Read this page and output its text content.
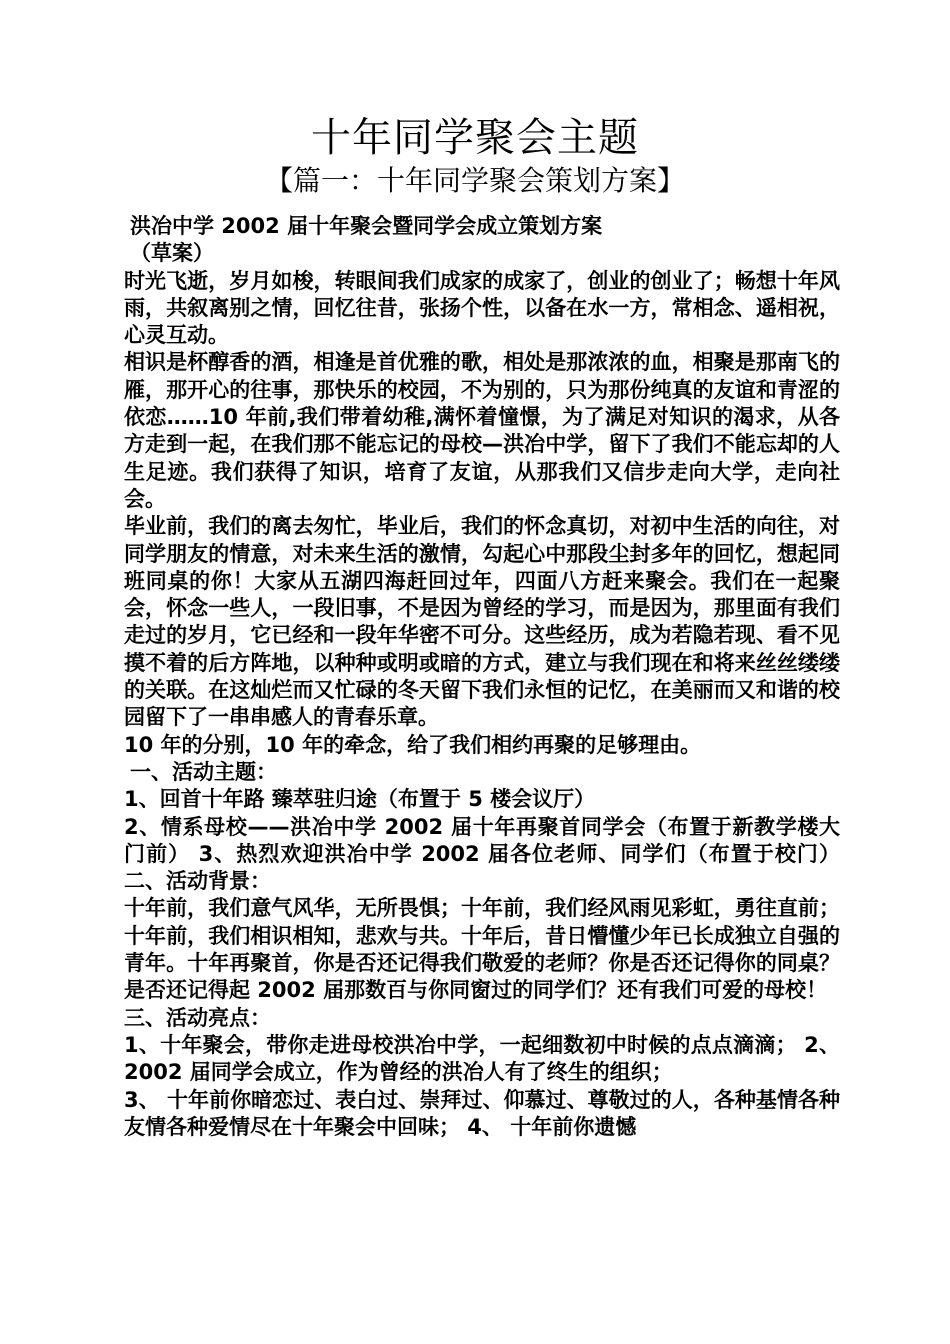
十年同学聚会主题
【篇一：十年同学聚会策划方案】

洪冶中学 2002 届十年聚会暨同学会成立策划方案

（草案）

时光飞逝，岁月如梭，转眼间我们成家的成家了，创业的创业了；畅想十年风雨，共叙离别之情，回忆往昔，张扬个性，以备在水一方，常相念、遥相祝，心灵互动。

相识是杯醇香的酒，相逢是首优雅的歌，相处是那浓浓的血，相聚是那南飞的雁，那开心的往事，那快乐的校园，不为别的，只为那份纯真的友谊和青涩的依恋……10 年前,我们带着幼稚,满怀着憧憬，为了满足对知识的渴求，从各方走到一起，在我们那不能忘记的母校—洪冶中学，留下了我们不能忘却的人生足迹。我们获得了知识，培育了友谊，从那我们又信步走向大学，走向社会。

毕业前，我们的离去匆忙，毕业后，我们的怀念真切，对初中生活的向往，对同学朋友的情意，对未来生活的激情，勾起心中那段尘封多年的回忆，想起同班同桌的你！大家从五湖四海赶回过年，四面八方赶来聚会。我们在一起聚会，怀念一些人，一段旧事，不是因为曾经的学习，而是因为，那里面有我们走过的岁月，它已经和一段年华密不可分。这些经历，成为若隐若现、看不见摸不着的后方阵地，以种种或明或暗的方式，建立与我们现在和将来丝丝缕缕的关联。在这灿烂而又忙碌的冬天留下我们永恒的记忆，在美丽而又和谐的校园留下了一串串感人的青春乐章。

10 年的分别，10 年的牵念，给了我们相约再聚的足够理由。

一、活动主题：

1、回首十年路 臻萃驻归途（布置于 5 楼会议厅）

2、情系母校——洪冶中学 2002 届十年再聚首同学会（布置于新教学楼大门前） 3、热烈欢迎洪冶中学 2002 届各位老师、同学们（布置于校门） 二、活动背景：

十年前，我们意气风华，无所畏惧；十年前，我们经风雨见彩虹，勇往直前；十年前，我们相识相知，悲欢与共。十年后，昔日懵懂少年已长成独立自强的青年。十年再聚首，你是否还记得我们敬爱的老师？你是否还记得你的同桌？是否还记得起 2002 届那数百与你同窗过的同学们？还有我们可爱的母校！

三、活动亮点：

1、十年聚会，带你走进母校洪冶中学，一起细数初中时候的点点滴滴； 2、2002 届同学会成立，作为曾经的洪冶人有了终生的组织；

3、 十年前你暗恋过、表白过、崇拜过、仰慕过、尊敬过的人，各种基情各种友情各种爱情尽在十年聚会中回味； 4、 十年前你遗憾
